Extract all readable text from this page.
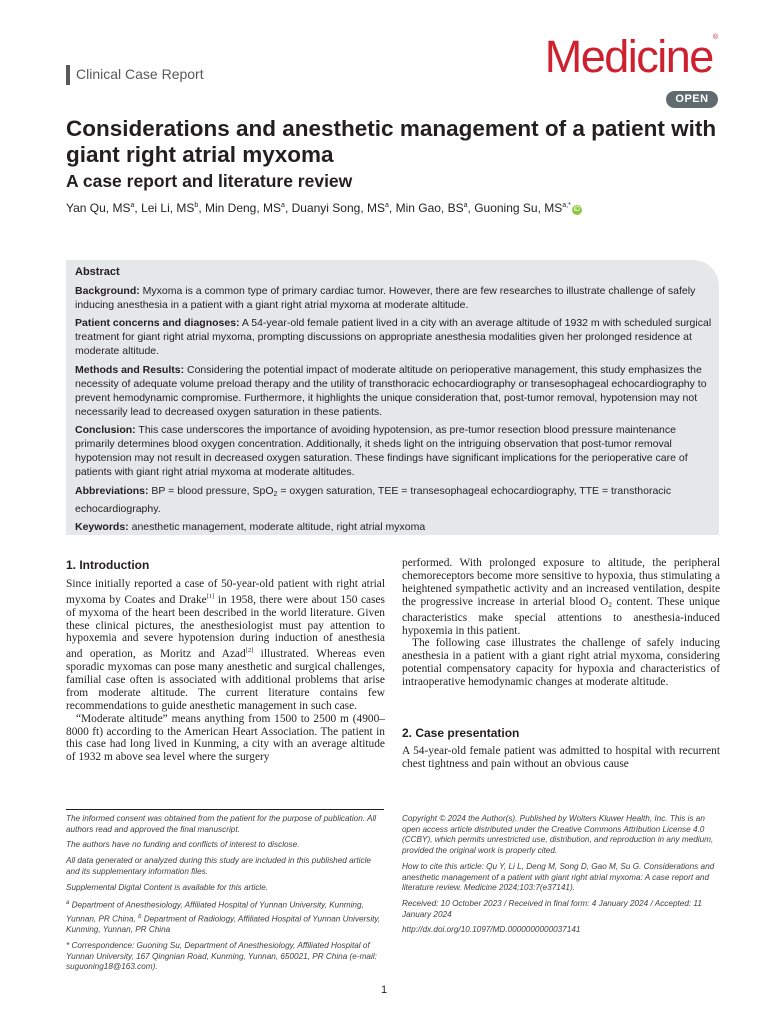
Clinical Case Report	Medicine®
OPEN
Considerations and anesthetic management of a patient with giant right atrial myxoma
A case report and literature review
Yan Qu, $MS^a$, Lei Li, $MS^b$, Min Deng, $MS^a$, Duanyi Song, $MS^a$, Min Gao, $BS^a$, Guoning Su, $MS^{a,*}iD$

Abstract

Background: Myxoma is a common type of primary cardiac tumor. However, there are few researches to illustrate challenge of safely inducing anesthesia in a patient with a giant right atrial myxoma at moderate altitude.

Patient concerns and diagnoses: A 54-year-old female patient lived in a city with an average altitude of 1932 m with scheduled surgical treatment for giant right atrial myxoma, prompting discussions on appropriate anesthesia modalities given her prolonged residence at moderate altitude.

Methods and Results: Considering the potential impact of moderate altitude on perioperative management, this study emphasizes the necessity of adequate volume preload therapy and the utility of transthoracic echocardiography or transesophageal echocardiography to prevent hemodynamic compromise. Furthermore, it highlights the unique consideration that, post-tumor removal, hypotension may not necessarily lead to decreased oxygen saturation in these patients.

Conclusion: This case underscores the importance of avoiding hypotension, as pre-tumor resection blood pressure maintenance primarily determines blood oxygen concentration. Additionally, it sheds light on the intriguing observation that post-tumor removal hypotension may not result in decreased oxygen saturation. These findings have significant implications for the perioperative care of patients with giant right atrial myxoma at moderate altitudes.

Abbreviations: BP = blood pressure, SpO2 = oxygen saturation, TEE = transesophageal echocardiography, TTE = transthoracic echocardiography.

Keywords: anesthetic management, moderate altitude, right atrial myxoma

1. Introduction

Since initially reported a case of 50-year-old patient with right atrial myxoma by Coates and Drake[1] in 1958, there were about 150 cases of myxoma of the heart been described in the world literature. Given these clinical pictures, the anesthesiologist must pay attention to hypoxemia and severe hypotension during induction of anesthesia and operation, as Moritz and Azad[2] illustrated. Whereas even sporadic myxomas can pose many anesthetic and surgical challenges, familial case often is associated with additional problems that arise from moderate altitude. The current literature contains few recommendations to guide anesthetic management in such case.

“Moderate altitude” means anything from 1500 to 2500 m (4900–8000 ft) according to the American Heart Association. The patient in this case had long lived in Kunming, a city with an average altitude of 1932 m above sea level where the surgery

performed. With prolonged exposure to altitude, the peripheral chemoreceptors become more sensitive to hypoxia, thus stimulating a heightened sympathetic activity and an increased ventilation, despite the progressive increase in arterial blood O2 content. These unique characteristics make special attentions to anesthesia-induced hypoxemia in this patient.

The following case illustrates the challenge of safely inducing anesthesia in a patient with a giant right atrial myxoma, considering potential compensatory capacity for hypoxia and characteristics of intraoperative hemodynamic changes at moderate altitude.

2. Case presentation
A 54-year-old female patient was admitted to hospital with recurrent chest tightness and pain without an obvious cause

The informed consent was obtained from the patient for the purpose of publication. All authors read and approved the final manuscript.

The authors have no funding and conflicts of interest to disclose.

All data generated or analyzed during this study are included in this published article and its supplementary information files.

Supplemental Digital Content is available for this article.

$^a$ Department of Anesthesiology, Affiliated Hospital of Yunnan University, Kunming, Yunnan, PR China, $^b$ Department of Radiology, Affiliated Hospital of Yunnan University, Kunming, Yunnan, PR China

* Correspondence: Guoning Su, Department of Anesthesiology, Affiliated Hospital of Yunnan University, 167 Qingnian Road, Kunming, Yunnan, 650021, PR China (e-mail: suguoning18@163.com).

Copyright © 2024 the Author(s). Published by Wolters Kluwer Health, Inc. This is an open access article distributed under the Creative Commons Attribution License 4.0 (CCBY), which permits unrestricted use, distribution, and reproduction in any medium, provided the original work is properly cited.

How to cite this article: Qu Y, Li L, Deng M, Song D, Gao M, Su G. Considerations and anesthetic management of a patient with giant right atrial myxoma: A case report and literature review. Medicine 2024;103:7(e37141).

Received: 10 October 2023 / Received in final form: 4 January 2024 / Accepted: 11 January 2024

http://dx.doi.org/10.1097/MD.0000000000037141

1
